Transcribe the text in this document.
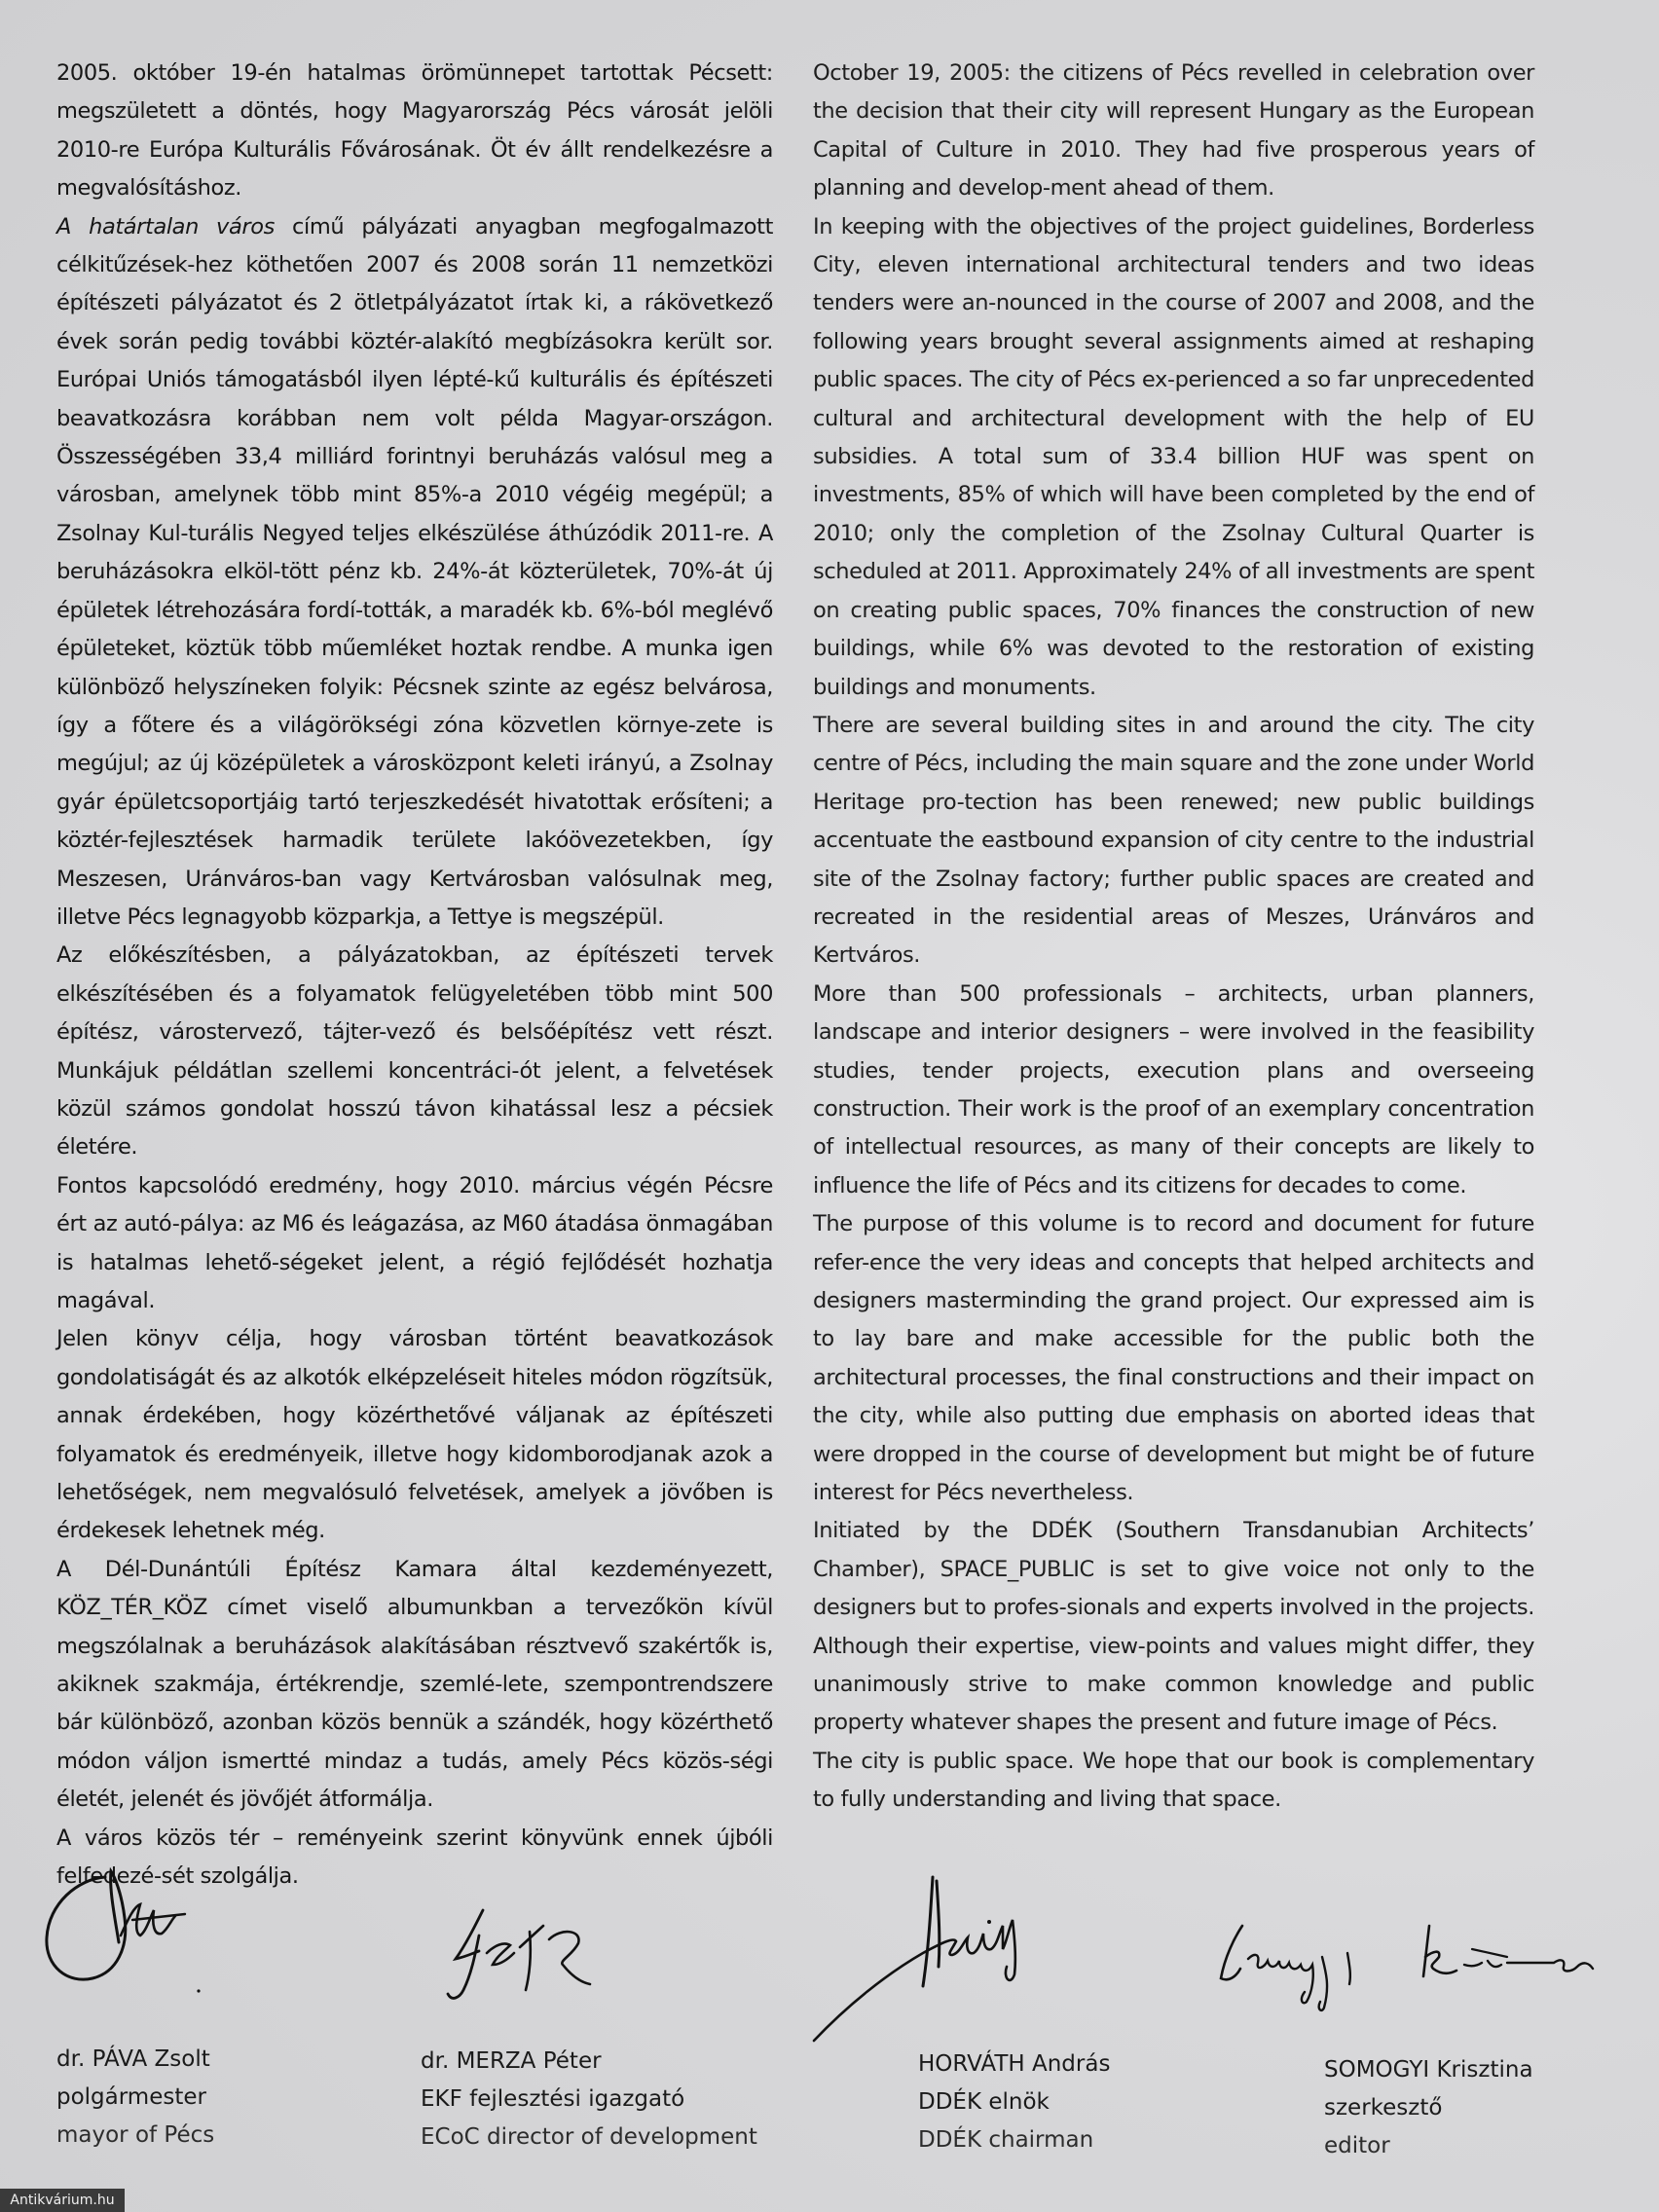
2005. október 19-én hatalmas örömünnepet tartottak Pécsett: megszületett a döntés, hogy Magyarország Pécs városát jelöli 2010-re Európa Kulturális Fővárosának. Öt év állt rendelkezésre a megvalósításhoz.

A határtalan város című pályázati anyagban megfogalmazott célkitűzések-hez köthetően 2007 és 2008 során 11 nemzetközi építészeti pályázatot és 2 ötletpályázatot írtak ki, a rákövetkező évek során pedig további köztér-alakító megbízásokra került sor. Európai Uniós támogatásból ilyen lépté-kű kulturális és építészeti beavatkozásra korábban nem volt példa Magyar-országon. Összességében 33,4 milliárd forintnyi beruházás valósul meg a városban, amelynek több mint 85%-a 2010 végéig megépül; a Zsolnay Kul-turális Negyed teljes elkészülése áthúzódik 2011-re. A beruházásokra elköl-tött pénz kb. 24%-át közterületek, 70%-át új épületek létrehozására fordí-tották, a maradék kb. 6%-ból meglévő épületeket, köztük több műemléket hoztak rendbe. A munka igen különböző helyszíneken folyik: Pécsnek szinte az egész belvárosa, így a főtere és a világörökségi zóna közvetlen környe-zete is megújul; az új középületek a városközpont keleti irányú, a Zsolnay gyár épületcsoportjáig tartó terjeszkedését hivatottak erősíteni; a köztér-fejlesztések harmadik területe lakóövezetekben, így Meszesen, Uránváros-ban vagy Kertvárosban valósulnak meg, illetve Pécs legnagyobb közparkja, a Tettye is megszépül.

Az előkészítésben, a pályázatokban, az építészeti tervek elkészítésében és a folyamatok felügyeletében több mint 500 építész, várostervező, tájter-vező és belsőépítész vett részt. Munkájuk példátlan szellemi koncentráci-ót jelent, a felvetések közül számos gondolat hosszú távon kihatással lesz a pécsiek életére.

Fontos kapcsolódó eredmény, hogy 2010. március végén Pécsre ért az autó-pálya: az M6 és leágazása, az M60 átadása önmagában is hatalmas lehető-ségeket jelent, a régió fejlődését hozhatja magával.

Jelen könyv célja, hogy városban történt beavatkozások gondolatiságát és az alkotók elképzeléseit hiteles módon rögzítsük, annak érdekében, hogy közérthetővé váljanak az építészeti folyamatok és eredményeik, illetve hogy kidomborodjanak azok a lehetőségek, nem megvalósuló felvetések, amelyek a jövőben is érdekesek lehetnek még.

A Dél-Dunántúli Építész Kamara által kezdeményezett, KÖZ_TÉR_KÖZ címet viselő albumunkban a tervezőkön kívül megszólalnak a beruházások alakításában résztvevő szakértők is, akiknek szakmája, értékrendje, szemlé-lete, szempontrendszere bár különböző, azonban közös bennük a szándék, hogy közérthető módon váljon ismertté mindaz a tudás, amely Pécs közös-ségi életét, jelenét és jövőjét átformálja.

A város közös tér – reményeink szerint könyvünk ennek újbóli felfedezé-sét szolgálja.

October 19, 2005: the citizens of Pécs revelled in celebration over the decision that their city will represent Hungary as the European Capital of Culture in 2010. They had five prosperous years of planning and develop-ment ahead of them.

In keeping with the objectives of the project guidelines, Borderless City, eleven international architectural tenders and two ideas tenders were an-nounced in the course of 2007 and 2008, and the following years brought several assignments aimed at reshaping public spaces. The city of Pécs ex-perienced a so far unprecedented cultural and architectural development with the help of EU subsidies. A total sum of 33.4 billion HUF was spent on investments, 85% of which will have been completed by the end of 2010; only the completion of the Zsolnay Cultural Quarter is scheduled at 2011. Approximately 24% of all investments are spent on creating public spaces, 70% finances the construction of new buildings, while 6% was devoted to the restoration of existing buildings and monuments.

There are several building sites in and around the city. The city centre of Pécs, including the main square and the zone under World Heritage pro-tection has been renewed; new public buildings accentuate the eastbound expansion of city centre to the industrial site of the Zsolnay factory; further public spaces are created and recreated in the residential areas of Meszes, Uránváros and Kertváros.

More than 500 professionals – architects, urban planners, landscape and interior designers – were involved in the feasibility studies, tender projects, execution plans and overseeing construction. Their work is the proof of an exemplary concentration of intellectual resources, as many of their concepts are likely to influence the life of Pécs and its citizens for decades to come.

The purpose of this volume is to record and document for future refer-ence the very ideas and concepts that helped architects and designers masterminding the grand project. Our expressed aim is to lay bare and make accessible for the public both the architectural processes, the final constructions and their impact on the city, while also putting due emphasis on aborted ideas that were dropped in the course of development but might be of future interest for Pécs nevertheless.

Initiated by the DDÉK (Southern Transdanubian Architects’ Chamber), SPACE_PUBLIC is set to give voice not only to the designers but to profes-sionals and experts involved in the projects. Although their expertise, view-points and values might differ, they unanimously strive to make common knowledge and public property whatever shapes the present and future image of Pécs.

The city is public space. We hope that our book is complementary to fully understanding and living that space.

dr. PÁVA Zsolt
polgármester
mayor of Pécs
dr. MERZA Péter
EKF fejlesztési igazgató
ECoC director of development
HORVÁTH András
DDÉK elnök
DDÉK chairman
SOMOGYI Krisztina
szerkesztő
editor
Antikvárium.hu
